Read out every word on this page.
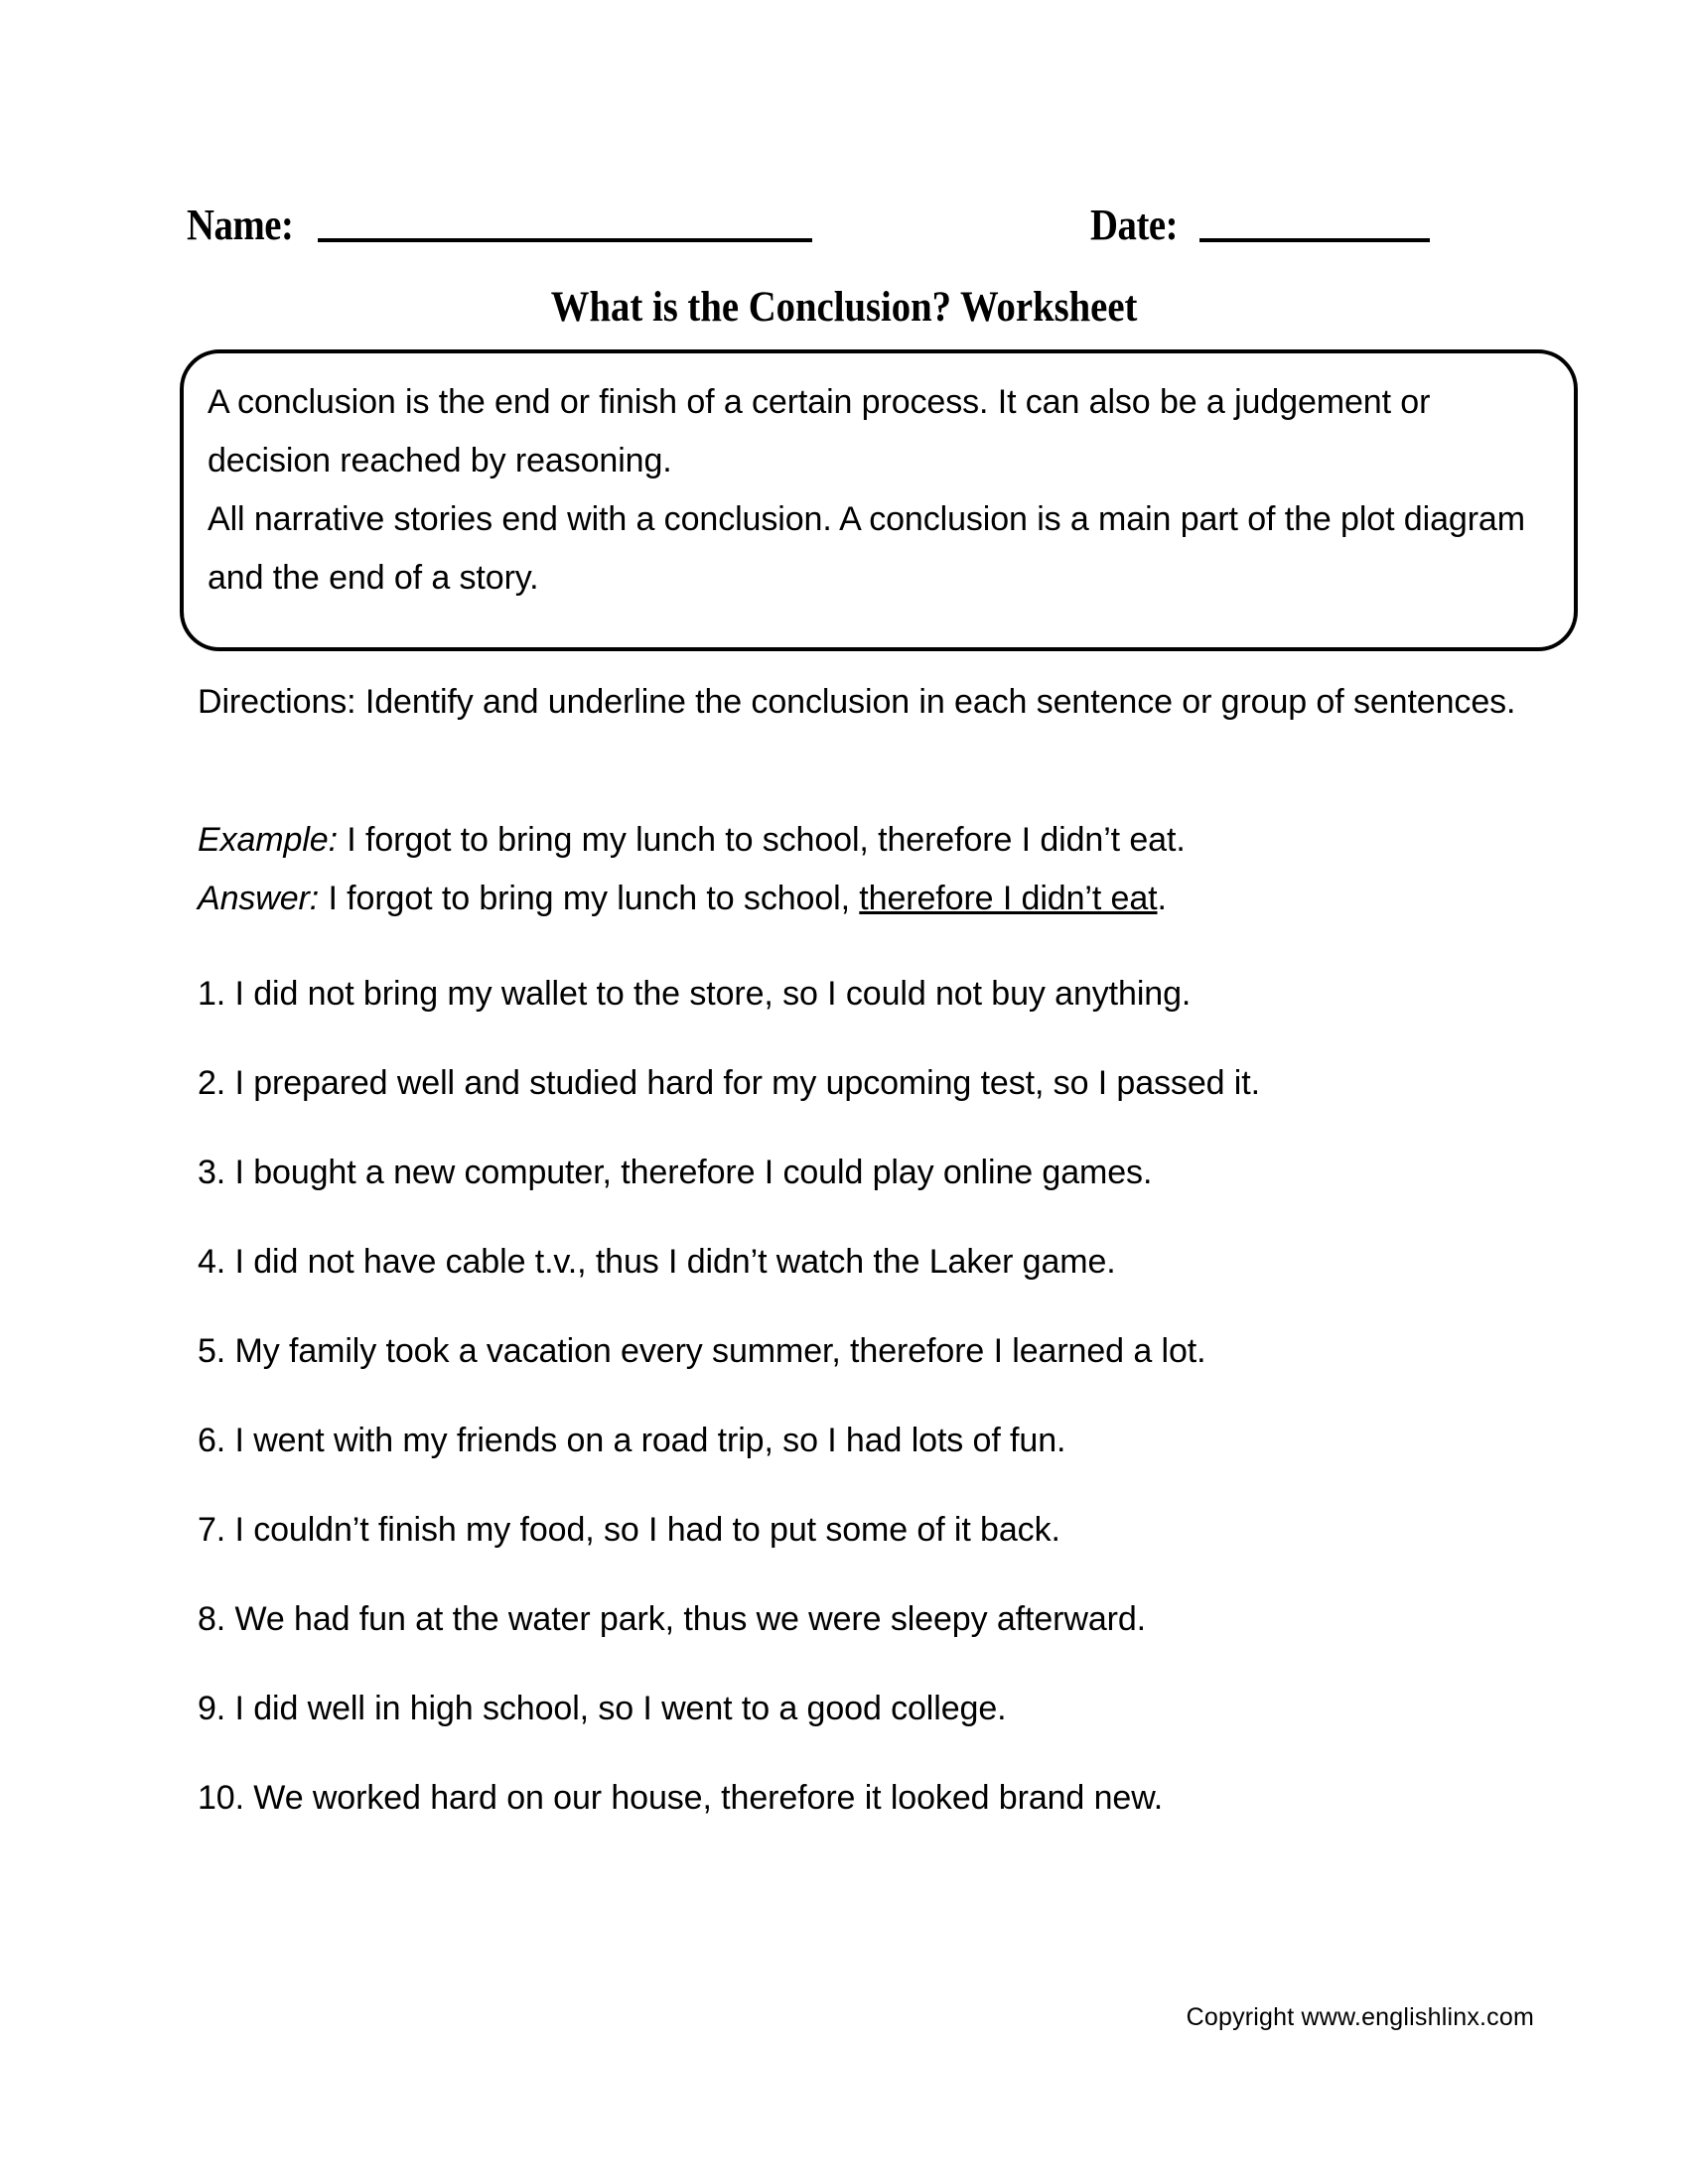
Name:	Date:
What is the Conclusion? Worksheet

A conclusion is the end or finish of a certain process. It can also be a judgement or decision reached by reasoning.

All narrative stories end with a conclusion. A conclusion is a main part of the plot diagram and the end of a story.

Directions: Identify and underline the conclusion in each sentence or group of sentences.
Example: I forgot to bring my lunch to school, therefore I didn’t eat.
Answer: I forgot to bring my lunch to school, therefore I didn’t eat.
1. I did not bring my wallet to the store, so I could not buy anything.
2. I prepared well and studied hard for my upcoming test, so I passed it.
3. I bought a new computer, therefore I could play online games.
4. I did not have cable t.v., thus I didn’t watch the Laker game.
5. My family took a vacation every summer, therefore I learned a lot.
6. I went with my friends on a road trip, so I had lots of fun.
7. I couldn’t finish my food, so I had to put some of it back.
8. We had fun at the water park, thus we were sleepy afterward.
9. I did well in high school, so I went to a good college.
10. We worked hard on our house, therefore it looked brand new.
Copyright www.englishlinx.com
